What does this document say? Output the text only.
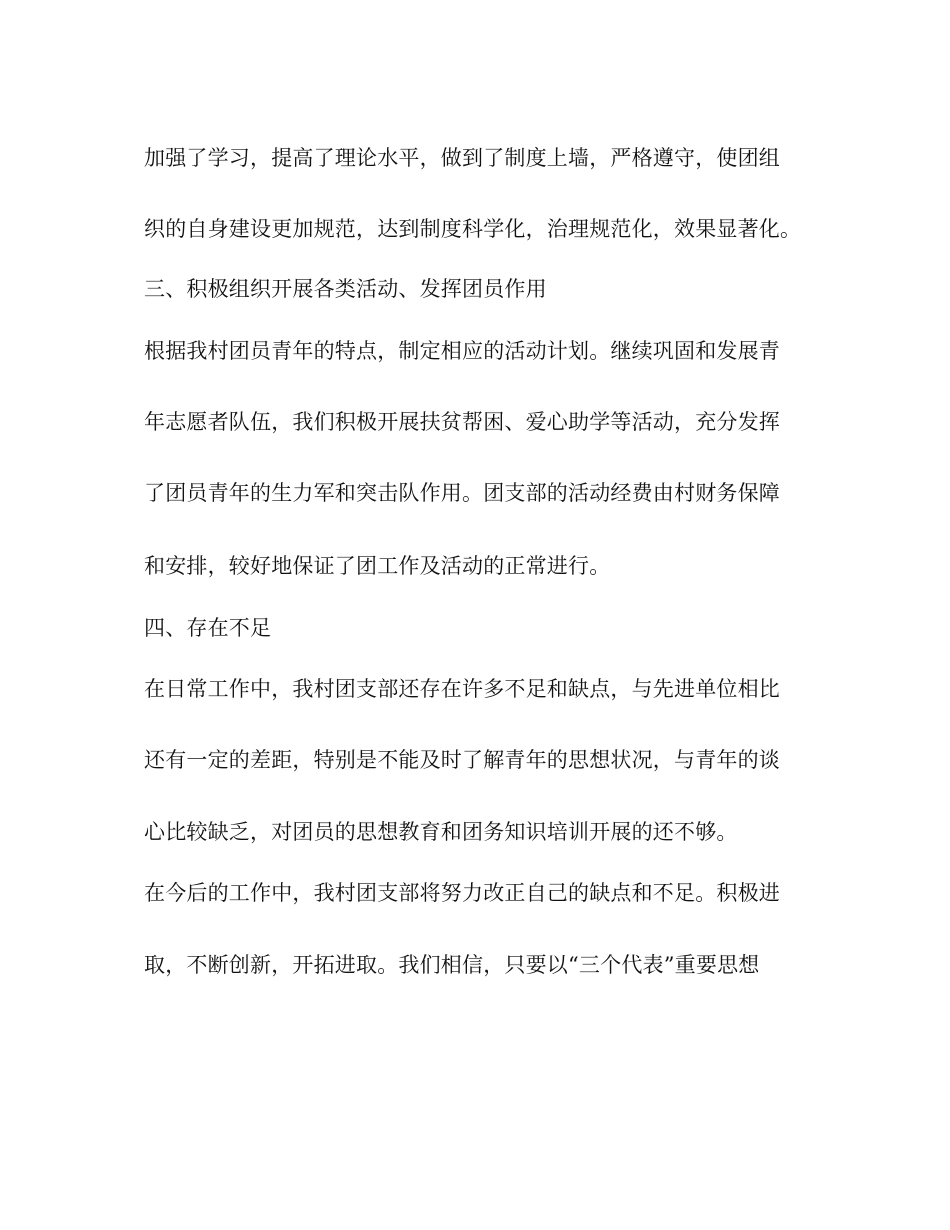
加强了学习，提高了理论水平，做到了制度上墙，严格遵守，使团组
织的自身建设更加规范，达到制度科学化，治理规范化，效果显著化。
三、积极组织开展各类活动、发挥团员作用
根据我村团员青年的特点，制定相应的活动计划。继续巩固和发展青
年志愿者队伍，我们积极开展扶贫帮困、爱心助学等活动，充分发挥
了团员青年的生力军和突击队作用。团支部的活动经费由村财务保障
和安排，较好地保证了团工作及活动的正常进行。
四、存在不足
在日常工作中，我村团支部还存在许多不足和缺点，与先进单位相比
还有一定的差距，特别是不能及时了解青年的思想状况，与青年的谈
心比较缺乏，对团员的思想教育和团务知识培训开展的还不够。
在今后的工作中，我村团支部将努力改正自己的缺点和不足。积极进
取，不断创新，开拓进取。我们相信，只要以“三个代表”重要思想
